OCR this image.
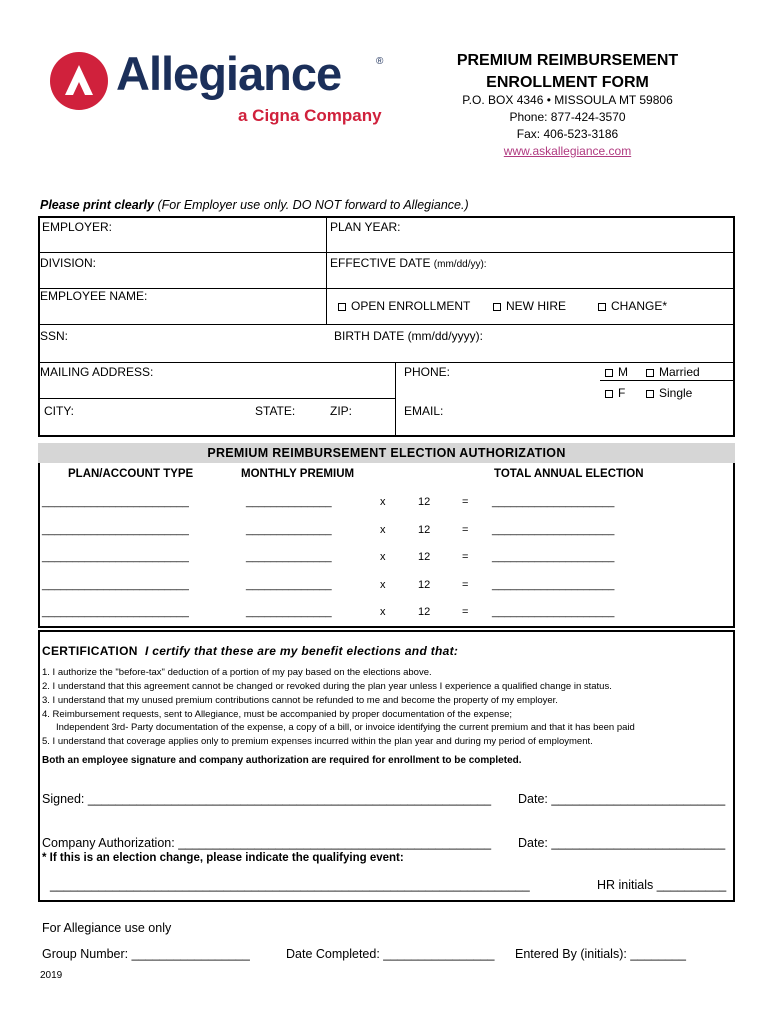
Allegiance	®
a Cigna Company
PREMIUM REIMBURSEMENT
ENROLLMENT FORM
P.O. BOX 4346 • MISSOULA MT 59806
Phone: 877-424-3570
Fax: 406-523-3186
www.askallegiance.com
Please print clearly (For Employer use only. DO NOT forward to Allegiance.)
EMPLOYER:	PLAN YEAR:
DIVISION:	EFFECTIVE DATE (mm/dd/yy):
EMPLOYEE NAME:
OPEN ENROLLMENT	NEW HIRE	CHANGE*
SSN:	BIRTH DATE (mm/dd/yyyy):
MAILING ADDRESS:	PHONE:	M	Married
F	Single
CITY:	STATE:	ZIP:	EMAIL:
PREMIUM REIMBURSEMENT ELECTION AUTHORIZATION
PLAN/ACCOUNT TYPE	MONTHLY PREMIUM	TOTAL ANNUAL ELECTION
________________________	______________	x	12	= ____________________
________________________	______________	x	12	= ____________________
________________________	______________	x	12	= ____________________
________________________	______________	x	12	= ____________________
________________________	______________	x	12	= ____________________
CERTIFICATION I certify that these are my benefit elections and that:
1. I authorize the "before-tax" deduction of a portion of my pay based on the elections above.
2. I understand that this agreement cannot be changed or revoked during the plan year unless I experience a qualified change in status.
3. I understand that my unused premium contributions cannot be refunded to me and become the property of my employer.
4. Reimbursement requests, sent to Allegiance, must be accompanied by proper documentation of the expense;
Independent 3rd- Party documentation of the expense, a copy of a bill, or invoice identifying the current premium and that it has been paid
5. I understand that coverage applies only to premium expenses incurred within the plan year and during my period of employment.
Both an employee signature and company authorization are required for enrollment to be completed.
Signed: __________________________________________________________ Date: _________________________
Company Authorization: _____________________________________________ Date: _________________________
* If this is an election change, please indicate the qualifying event:
_____________________________________________________________________	HR initials __________
For Allegiance use only
Group Number: _________________	Date Completed: ________________ Entered By (initials): ________
2019
